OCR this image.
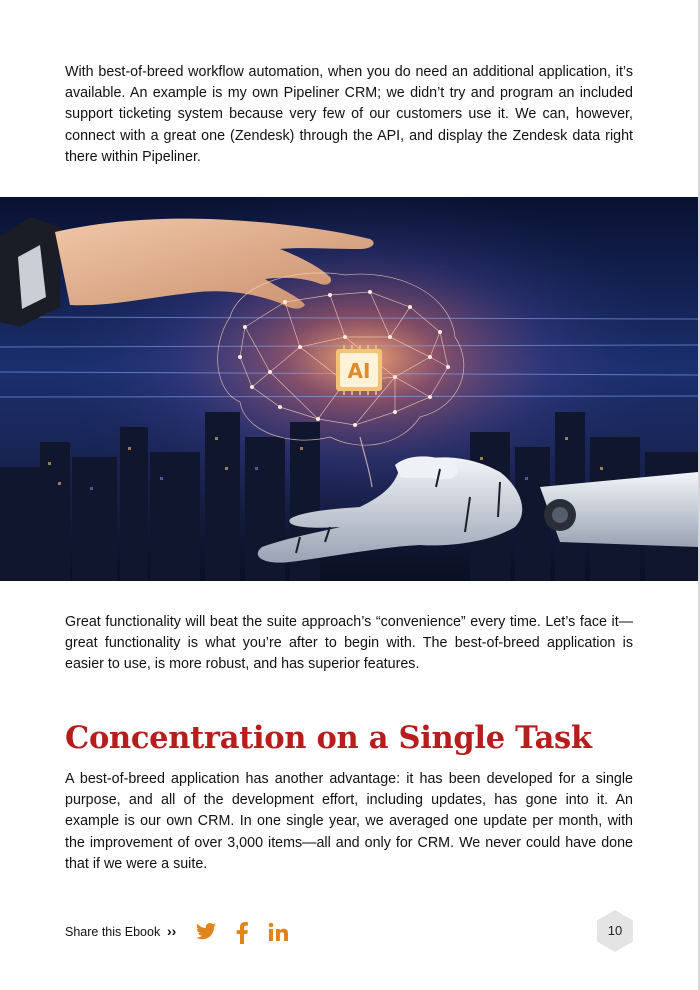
With best-of-breed workflow automation, when you do need an additional application, it’s available. An example is my own Pipeliner CRM; we didn’t try and program an included support ticketing system because very few of our customers use it. We can, however, connect with a great one (Zendesk) through the API, and display the Zendesk data right there within Pipeliner.

AI

Great functionality will beat the suite approach’s “convenience” every time. Let’s face it—great functionality is what you’re after to begin with. The best-of-breed application is easier to use, is more robust, and has superior features.

Concentration on a Single Task

A best-of-breed application has another advantage: it has been developed for a single purpose, and all of the development effort, including updates, has gone into it. An example is our own CRM. In one single year, we averaged one update per month, with the improvement of over 3,000 items—all and only for CRM. We never could have done that if we were a suite.

Share this Ebook ››	10
